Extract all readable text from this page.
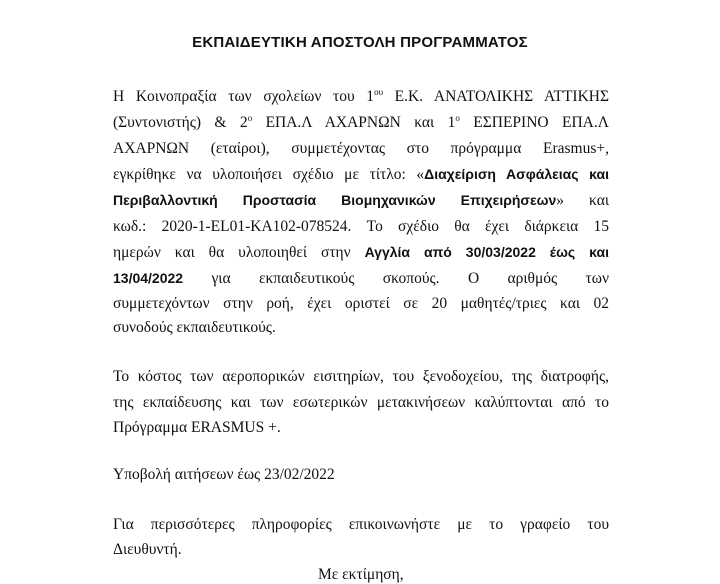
ΕΚΠΑΙΔΕΥΤΙΚΗ ΑΠΟΣΤΟΛΗ ΠΡΟΓΡΑΜΜΑΤΟΣ
Η Κοινοπραξία των σχολείων του $1^{o\upsilon}$ Ε.Κ. ΑΝΑΤΟΛΙΚΗΣ ΑΤΤΙΚΗΣ
(Συντονιστής) & $2^o$ ΕΠΑ.Λ ΑΧΑΡΝΩΝ και $1^o$ ΕΣΠΕΡΙΝΟ ΕΠΑ.Λ
ΑΧΑΡΝΩΝ (εταίροι), συμμετέχοντας στο πρόγραμμα Erasmus+,
εγκρίθηκε να υλοποιήσει σχέδιο με τίτλο: «Διαχείριση Ασφάλειας και
Περιβαλλοντική Προστασία Βιομηχανικών Επιχειρήσεων» και
κωδ.: 2020-1-EL01-KA102-078524. Το σχέδιο θα έχει διάρκεια 15
ημερών και θα υλοποιηθεί στην Αγγλία από 30/03/2022 έως και
13/04/2022 για εκπαιδευτικούς σκοπούς. Ο αριθμός των
συμμετεχόντων στην ροή, έχει οριστεί σε 20 μαθητές/τριες και 02
συνοδούς εκπαιδευτικούς.
Το κόστος των αεροπορικών εισιτηρίων, του ξενοδοχείου, της διατροφής,
της εκπαίδευσης και των εσωτερικών μετακινήσεων καλύπτονται από το
Πρόγραμμα ERASMUS +.
Υποβολή αιτήσεων έως 23/02/2022
Για περισσότερες πληροφορίες επικοινωνήστε με το γραφείο του
Διευθυντή.
Με εκτίμηση,
